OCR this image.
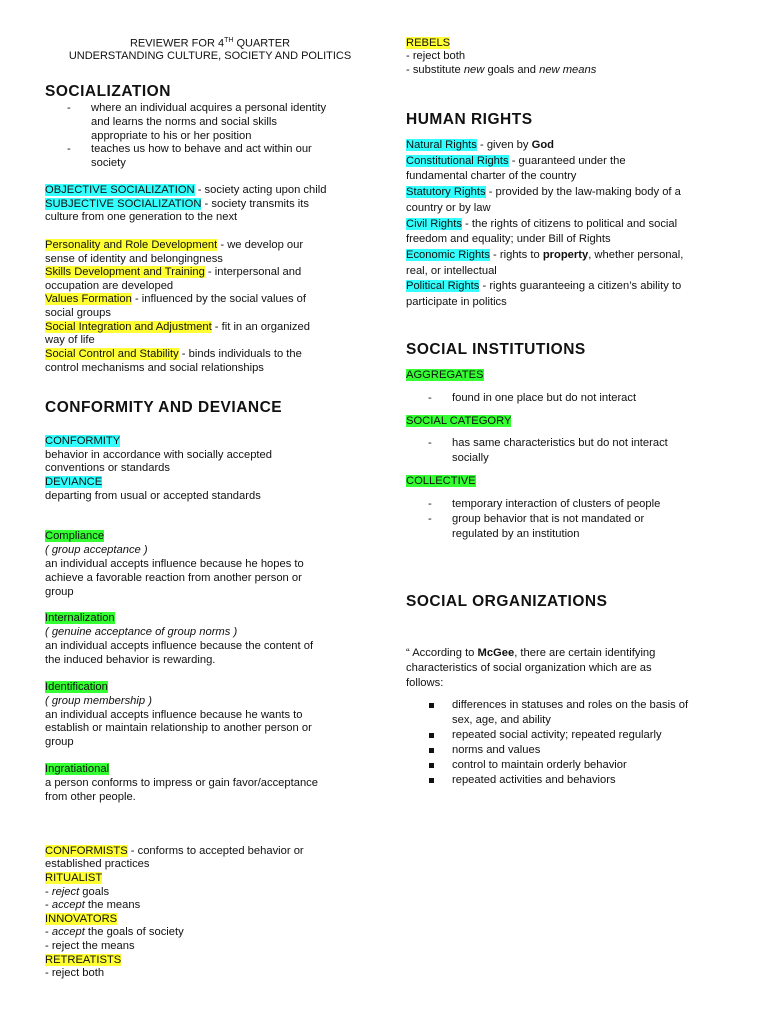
REVIEWER FOR 4TH QUARTER
UNDERSTANDING CULTURE, SOCIETY AND POLITICS
SOCIALIZATION
- where an individual acquires a personal identity
and learns the norms and social skills
appropriate to his or her position
- teaches us how to behave and act within our
society
OBJECTIVE SOCIALIZATION - society acting upon child
SUBJECTIVE SOCIALIZATION - society transmits its
culture from one generation to the next
Personality and Role Development - we develop our
sense of identity and belongingness
Skills Development and Training - interpersonal and
occupation are developed
Values Formation - influenced by the social values of
social groups
Social Integration and Adjustment - fit in an organized
way of life
Social Control and Stability - binds individuals to the
control mechanisms and social relationships
CONFORMITY AND DEVIANCE
CONFORMITY
behavior in accordance with socially accepted
conventions or standards
DEVIANCE
departing from usual or accepted standards
Compliance
( group acceptance )
an individual accepts influence because he hopes to
achieve a favorable reaction from another person or
group
Internalization
( genuine acceptance of group norms )
an individual accepts influence because the content of
the induced behavior is rewarding.
Identification
( group membership )
an individual accepts influence because he wants to
establish or maintain relationship to another person or
group
Ingratiational
a person conforms to impress or gain favor/acceptance
from other people.
CONFORMISTS - conforms to accepted behavior or
established practices
RITUALIST
- reject goals
- accept the means
INNOVATORS
- accept the goals of society
- reject the means
RETREATISTS
- reject both
REBELS
- reject both
- substitute new goals and new means
HUMAN RIGHTS
Natural Rights - given by God
Constitutional Rights - guaranteed under the
fundamental charter of the country
Statutory Rights - provided by the law-making body of a
country or by law
Civil Rights - the rights of citizens to political and social
freedom and equality; under Bill of Rights
Economic Rights - rights to property, whether personal,
real, or intellectual
Political Rights - rights guaranteeing a citizen’s ability to
participate in politics
SOCIAL INSTITUTIONS
AGGREGATES
- found in one place but do not interact
SOCIAL CATEGORY
- has same characteristics but do not interact
socially
COLLECTIVE
- temporary interaction of clusters of people
- group behavior that is not mandated or
regulated by an institution
SOCIAL ORGANIZATIONS
“ According to McGee, there are certain identifying
characteristics of social organization which are as
follows:
differences in statuses and roles on the basis of
sex, age, and ability
repeated social activity; repeated regularly
norms and values
control to maintain orderly behavior
repeated activities and behaviors
